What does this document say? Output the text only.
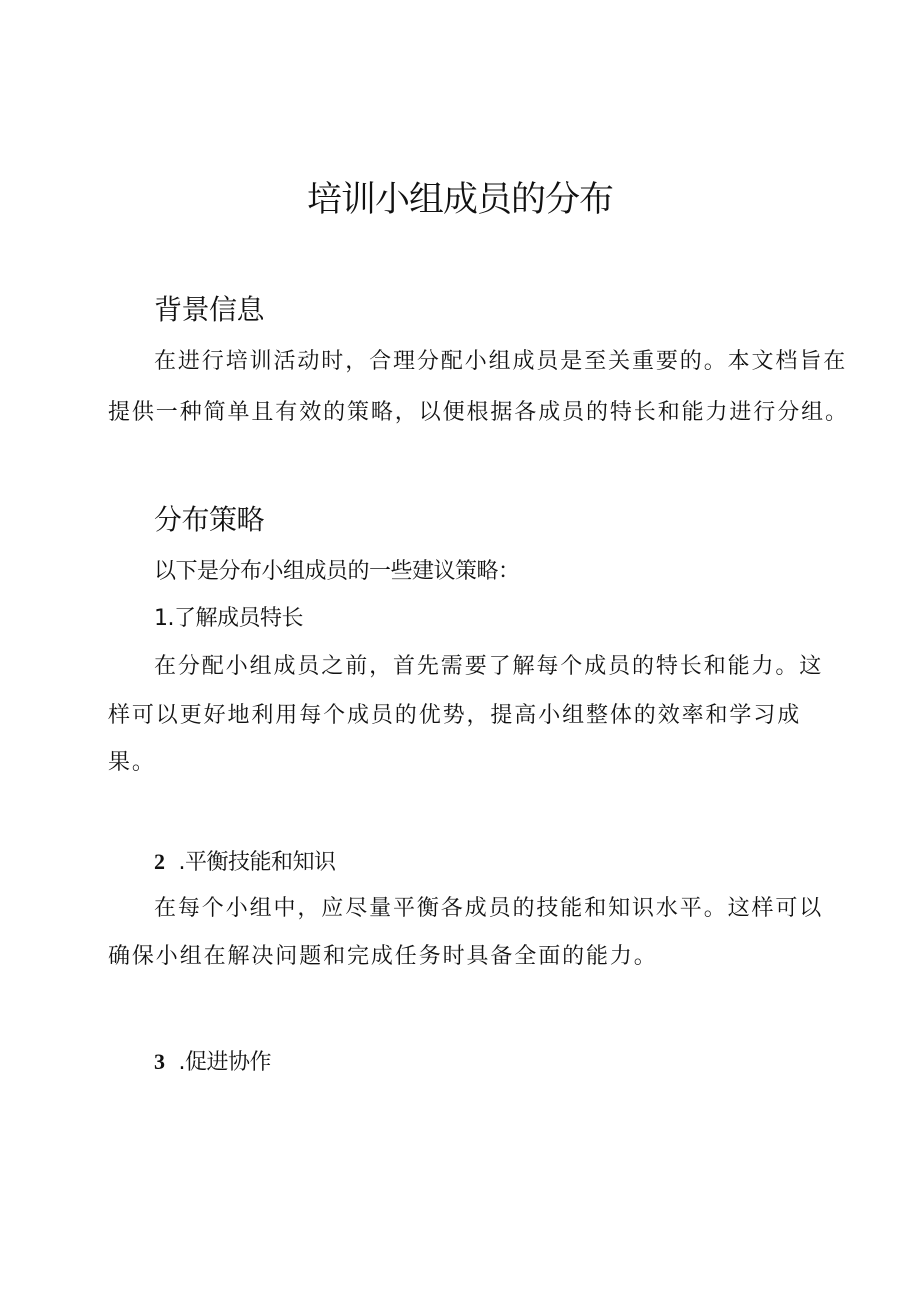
培训小组成员的分布
背景信息
在进行培训活动时，合理分配小组成员是至关重要的。本文档旨在
提供一种简单且有效的策略，以便根据各成员的特长和能力进行分组。
分布策略
以下是分布小组成员的一些建议策略：
1.了解成员特长
在分配小组成员之前，首先需要了解每个成员的特长和能力。这
样可以更好地利用每个成员的优势，提高小组整体的效率和学习成
果。
2 .平衡技能和知识
在每个小组中，应尽量平衡各成员的技能和知识水平。这样可以
确保小组在解决问题和完成任务时具备全面的能力。
3 .促进协作
